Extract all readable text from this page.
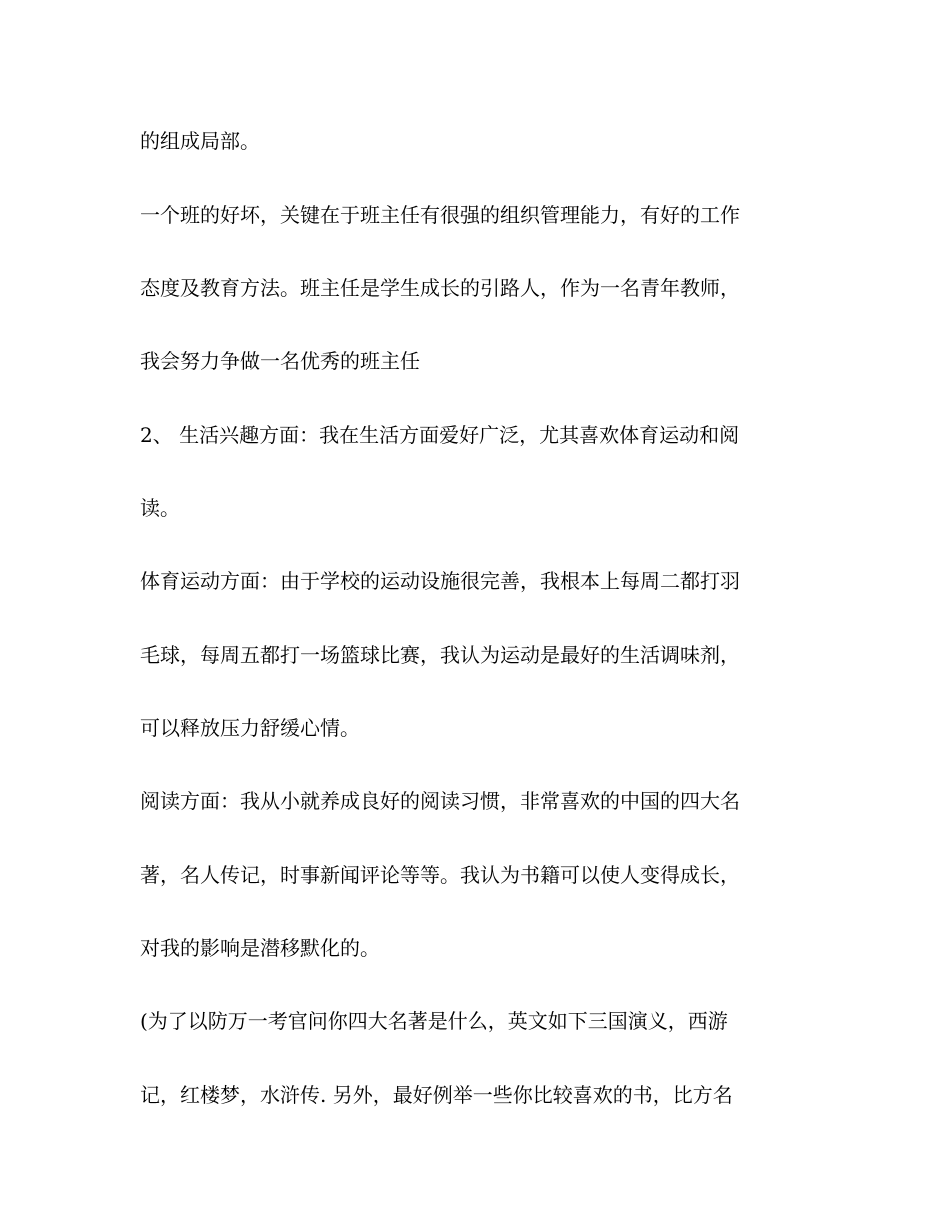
的组成局部。
一个班的好坏，关键在于班主任有很强的组织管理能力，有好的工作
态度及教育方法。班主任是学生成长的引路人，作为一名青年教师，
我会努力争做一名优秀的班主任
2、 生活兴趣方面：我在生活方面爱好广泛，尤其喜欢体育运动和阅
读。
体育运动方面：由于学校的运动设施很完善，我根本上每周二都打羽
毛球，每周五都打一场篮球比赛，我认为运动是最好的生活调味剂，
可以释放压力舒缓心情。
阅读方面：我从小就养成良好的阅读习惯，非常喜欢的中国的四大名
著，名人传记，时事新闻评论等等。我认为书籍可以使人变得成长，
对我的影响是潜移默化的。
(为了以防万一考官问你四大名著是什么，英文如下三国演义，西游
记，红楼梦，水浒传. 另外，最好例举一些你比较喜欢的书，比方名
